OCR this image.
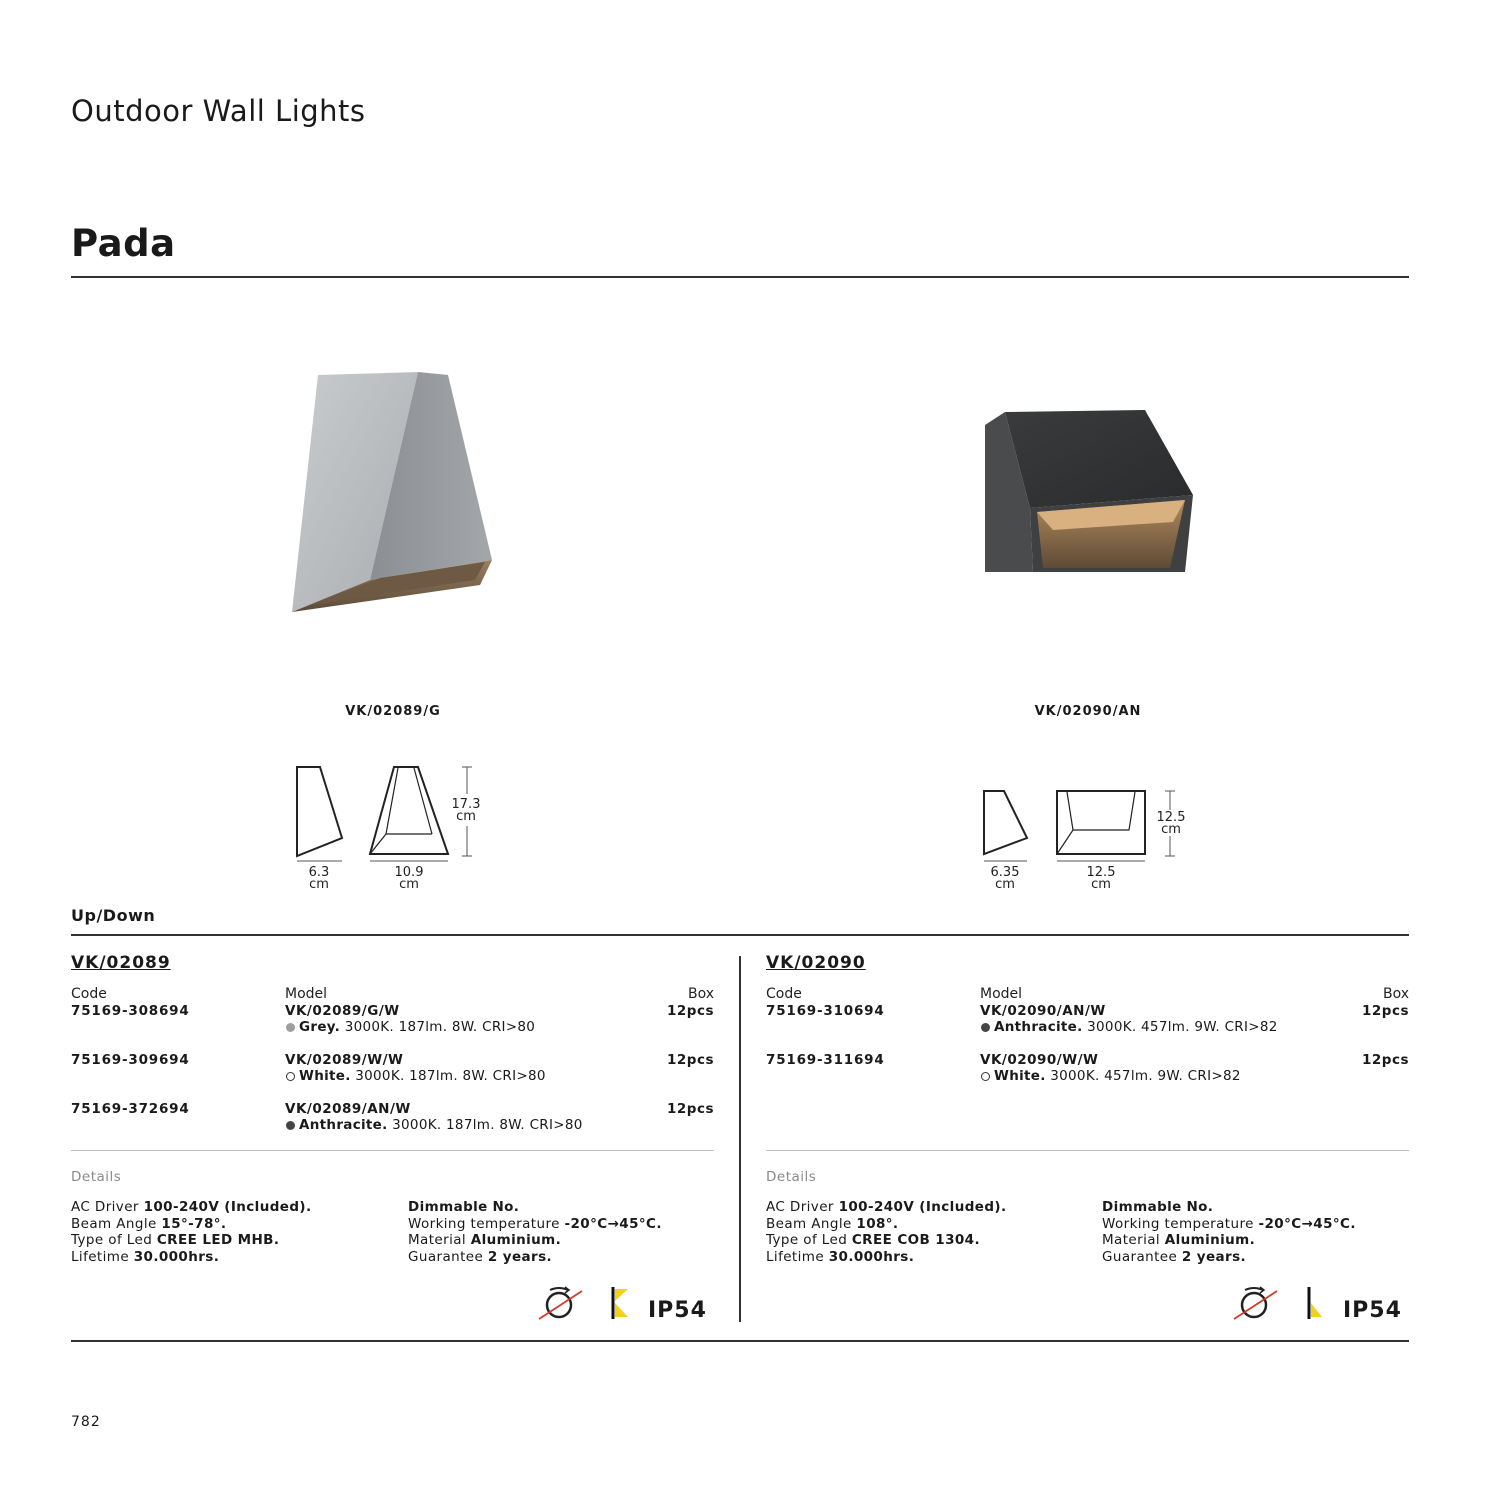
Outdoor Wall Lights
Pada
VK/02089/G	VK/02090/AN
17.3
cm
6.3
cm
10.9
cm
12.5
cm
6.35
cm
12.5
cm
Up/Down
VK/02089
Code	Model	Box
75169-308694	VK/02089/G/W	12pcs
Grey. 3000K. 187lm. 8W. CRI>80
75169-309694	VK/02089/W/W	12pcs
White. 3000K. 187lm. 8W. CRI>80
75169-372694	VK/02089/AN/W	12pcs
Anthracite. 3000K. 187lm. 8W. CRI>80
Details
AC Driver 100-240V (Included).
Beam Angle 15°-78°.
Type of Led CREE LED MHB.
Lifetime 30.000hrs.
Dimmable No.
Working temperature -20°C→45°C.
Material Aluminium.
Guarantee 2 years.
IP54
VK/02090
Code	Model	Box
75169-310694	VK/02090/AN/W	12pcs
Anthracite. 3000K. 457lm. 9W. CRI>82
75169-311694	VK/02090/W/W	12pcs
White. 3000K. 457lm. 9W. CRI>82
Details
AC Driver 100-240V (Included).
Beam Angle 108°.
Type of Led CREE COB 1304.
Lifetime 30.000hrs.
Dimmable No.
Working temperature -20°C→45°C.
Material Aluminium.
Guarantee 2 years.
IP54
782
